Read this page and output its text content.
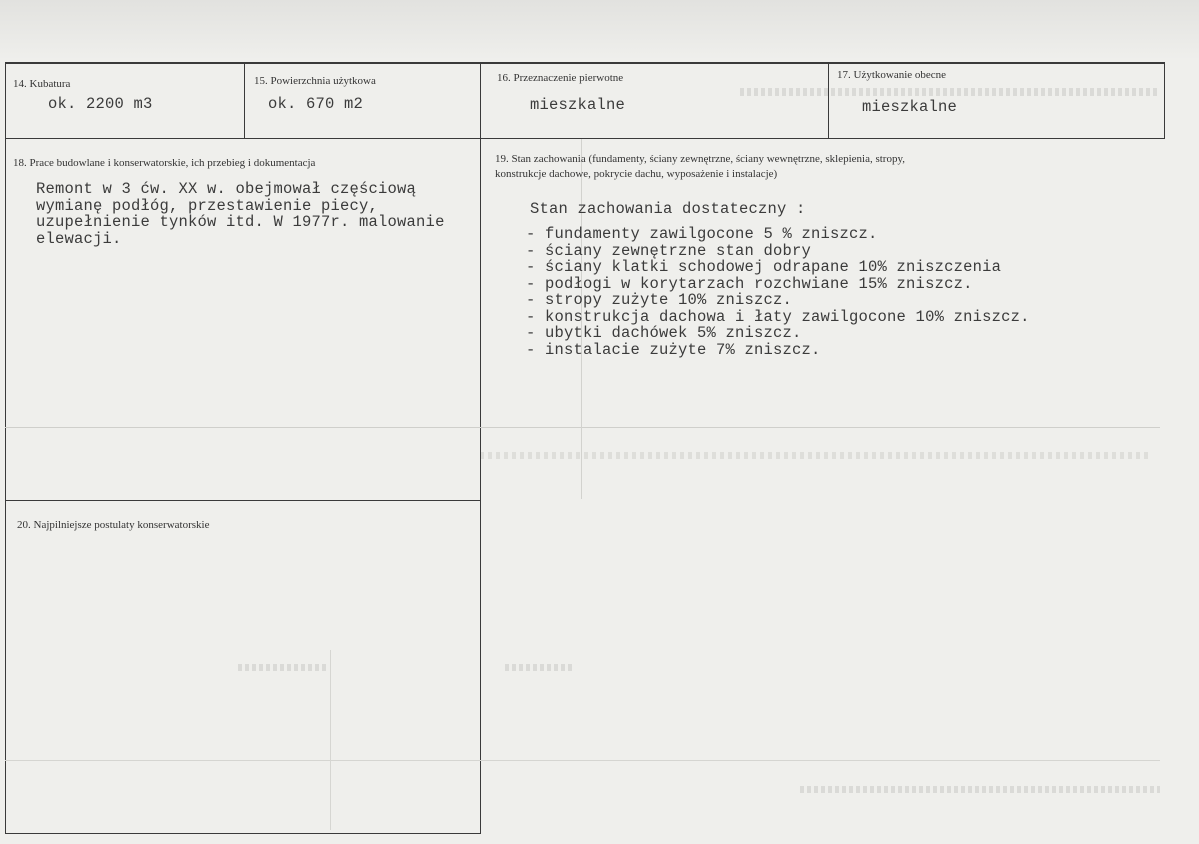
14. Kubatura
ok. 2200 m3
15. Powierzchnia użytkowa
ok. 670 m2
16. Przeznaczenie pierwotne
mieszkalne
17. Użytkowanie obecne
mieszkalne
18. Prace budowlane i konserwatorskie, ich przebieg i dokumentacja
Remont w 3 ćw. XX w. obejmował częściową
wymianę podłóg, przestawienie piecy,
uzupełnienie tynków itd. W 1977r. malowanie
elewacji.
19. Stan zachowania (fundamenty, ściany zewnętrzne, ściany wewnętrzne, sklepienia, stropy,
konstrukcje dachowe, pokrycie dachu, wyposażenie i instalacje)
Stan zachowania dostateczny :
- fundamenty zawilgocone 5 % zniszcz.
- ściany zewnętrzne stan dobry
- ściany klatki schodowej odrapane 10% zniszczenia
- podłogi w korytarzach rozchwiane 15% zniszcz.
- stropy zużyte 10% zniszcz.
- konstrukcja dachowa i łaty zawilgocone 10% zniszcz.
- ubytki dachówek 5% zniszcz.
- instalacie zużyte 7% zniszcz.
20. Najpilniejsze postulaty konserwatorskie
